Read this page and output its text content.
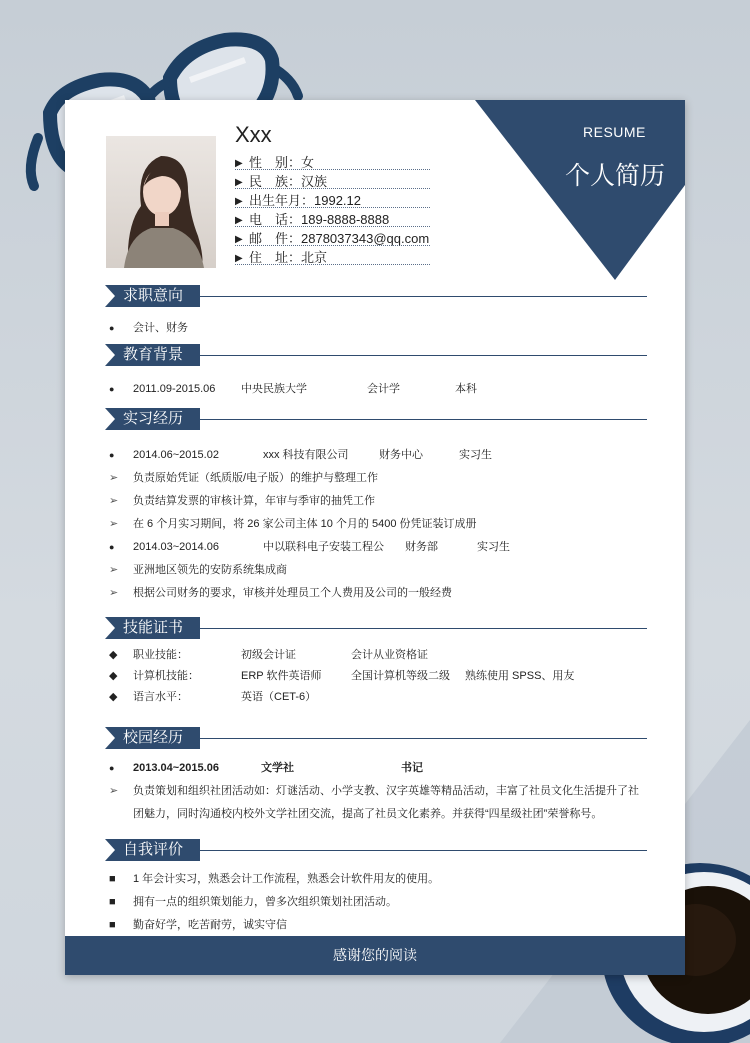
RESUME
个人简历
Xxx
▶ 性　别：女
▶ 民　族：汉族
▶ 出生年月：1992.12
▶ 电　话：189-8888-8888
▶ 邮　件：2878037343@qq.com
▶ 住　址：北京
求职意向
● 会计、财务
教育背景
● 2011.09-2015.06 中央民族大学	会计学	本科
实习经历
● 2014.06~2015.02	xxx 科技有限公司	财务中心	实习生
➢ 负责原始凭证（纸质版/电子版）的维护与整理工作
➢ 负责结算发票的审核计算，年审与季审的抽凭工作
➢ 在 6 个月实习期间，将 26 家公司主体 10 个月的 5400 份凭证装订成册
● 2014.03~2014.06	中以联科电子安装工程公 财务部	实习生
➢ 亚洲地区领先的安防系统集成商
➢ 根据公司财务的要求，审核并处理员工个人费用及公司的一般经费
技能证书
◆ 职业技能：	初级会计证	会计从业资格证
◆ 计算机技能：	ERP 软件英语师	全国计算机等级二级 熟练使用 SPSS、用友
◆ 语言水平：	英语（CET-6）
校园经历
● 2013.04~2015.06	文学社	书记
➢ 负责策划和组织社团活动如：灯谜活动、小学支教、汉字英雄等精品活动，丰富了社员文化生活提升了社
团魅力，同时沟通校内校外文学社团交流，提高了社员文化素养。并获得“四星级社团”荣誉称号。
自我评价
■ 1 年会计实习，熟悉会计工作流程，熟悉会计软件用友的使用。
■ 拥有一点的组织策划能力，曾多次组织策划社团活动。
■ 勤奋好学，吃苦耐劳，诚实守信
感谢您的阅读
